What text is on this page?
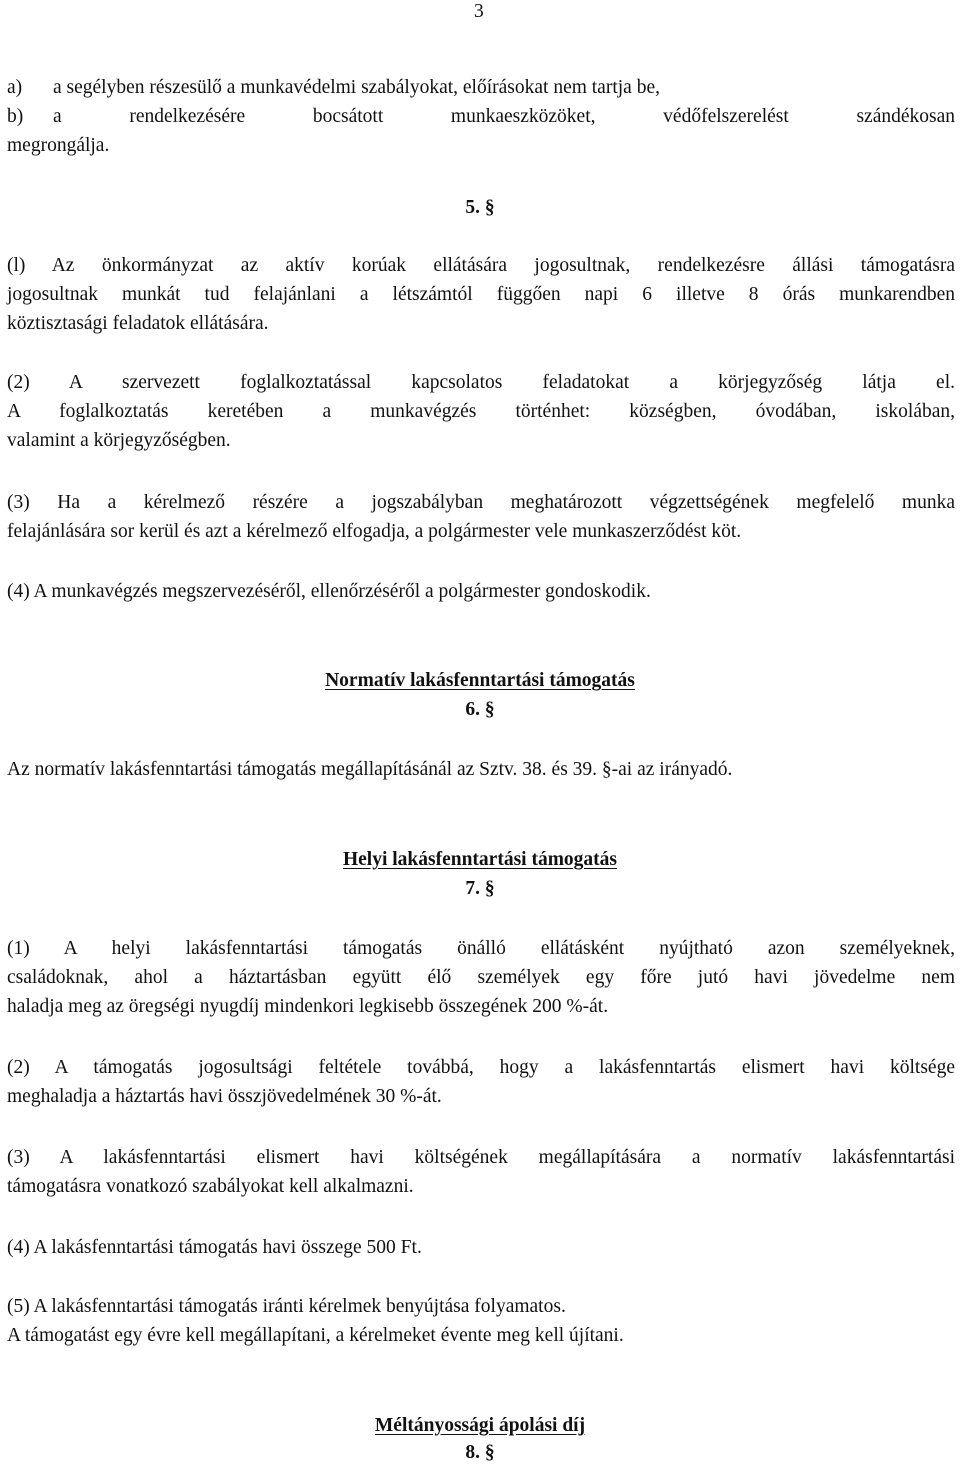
3
a) a segélyben részesülő a munkavédelmi szabályokat, előírásokat nem tartja be,
b) a rendelkezésére bocsátott munkaeszközöket, védőfelszerelést szándékosan
megrongálja.
5. §
(l) Az önkormányzat az aktív korúak ellátására jogosultnak, rendelkezésre állási támogatásra
jogosultnak munkát tud felajánlani a létszámtól függően napi 6 illetve 8 órás munkarendben
köztisztasági feladatok ellátására.
(2) A szervezett foglalkoztatással kapcsolatos feladatokat a körjegyzőség látja el.
A foglalkoztatás keretében a munkavégzés történhet: községben, óvodában, iskolában,
valamint a körjegyzőségben.
(3) Ha a kérelmező részére a jogszabályban meghatározott végzettségének megfelelő munka
felajánlására sor kerül és azt a kérelmező elfogadja, a polgármester vele munkaszerződést köt.
(4) A munkavégzés megszervezéséről, ellenőrzéséről a polgármester gondoskodik.
Normatív lakásfenntartási támogatás
6. §
Az normatív lakásfenntartási támogatás megállapításánál az Sztv. 38. és 39. §-ai az irányadó.
Helyi lakásfenntartási támogatás
7. §
(1) A helyi lakásfenntartási támogatás önálló ellátásként nyújtható azon személyeknek,
családoknak, ahol a háztartásban együtt élő személyek egy főre jutó havi jövedelme nem
haladja meg az öregségi nyugdíj mindenkori legkisebb összegének 200 %-át.
(2) A támogatás jogosultsági feltétele továbbá, hogy a lakásfenntartás elismert havi költsége
meghaladja a háztartás havi összjövedelmének 30 %-át.
(3) A lakásfenntartási elismert havi költségének megállapítására a normatív lakásfenntartási
támogatásra vonatkozó szabályokat kell alkalmazni.
(4) A lakásfenntartási támogatás havi összege 500 Ft.
(5) A lakásfenntartási támogatás iránti kérelmek benyújtása folyamatos.
A támogatást egy évre kell megállapítani, a kérelmeket évente meg kell újítani.
Méltányossági ápolási díj
8. §
